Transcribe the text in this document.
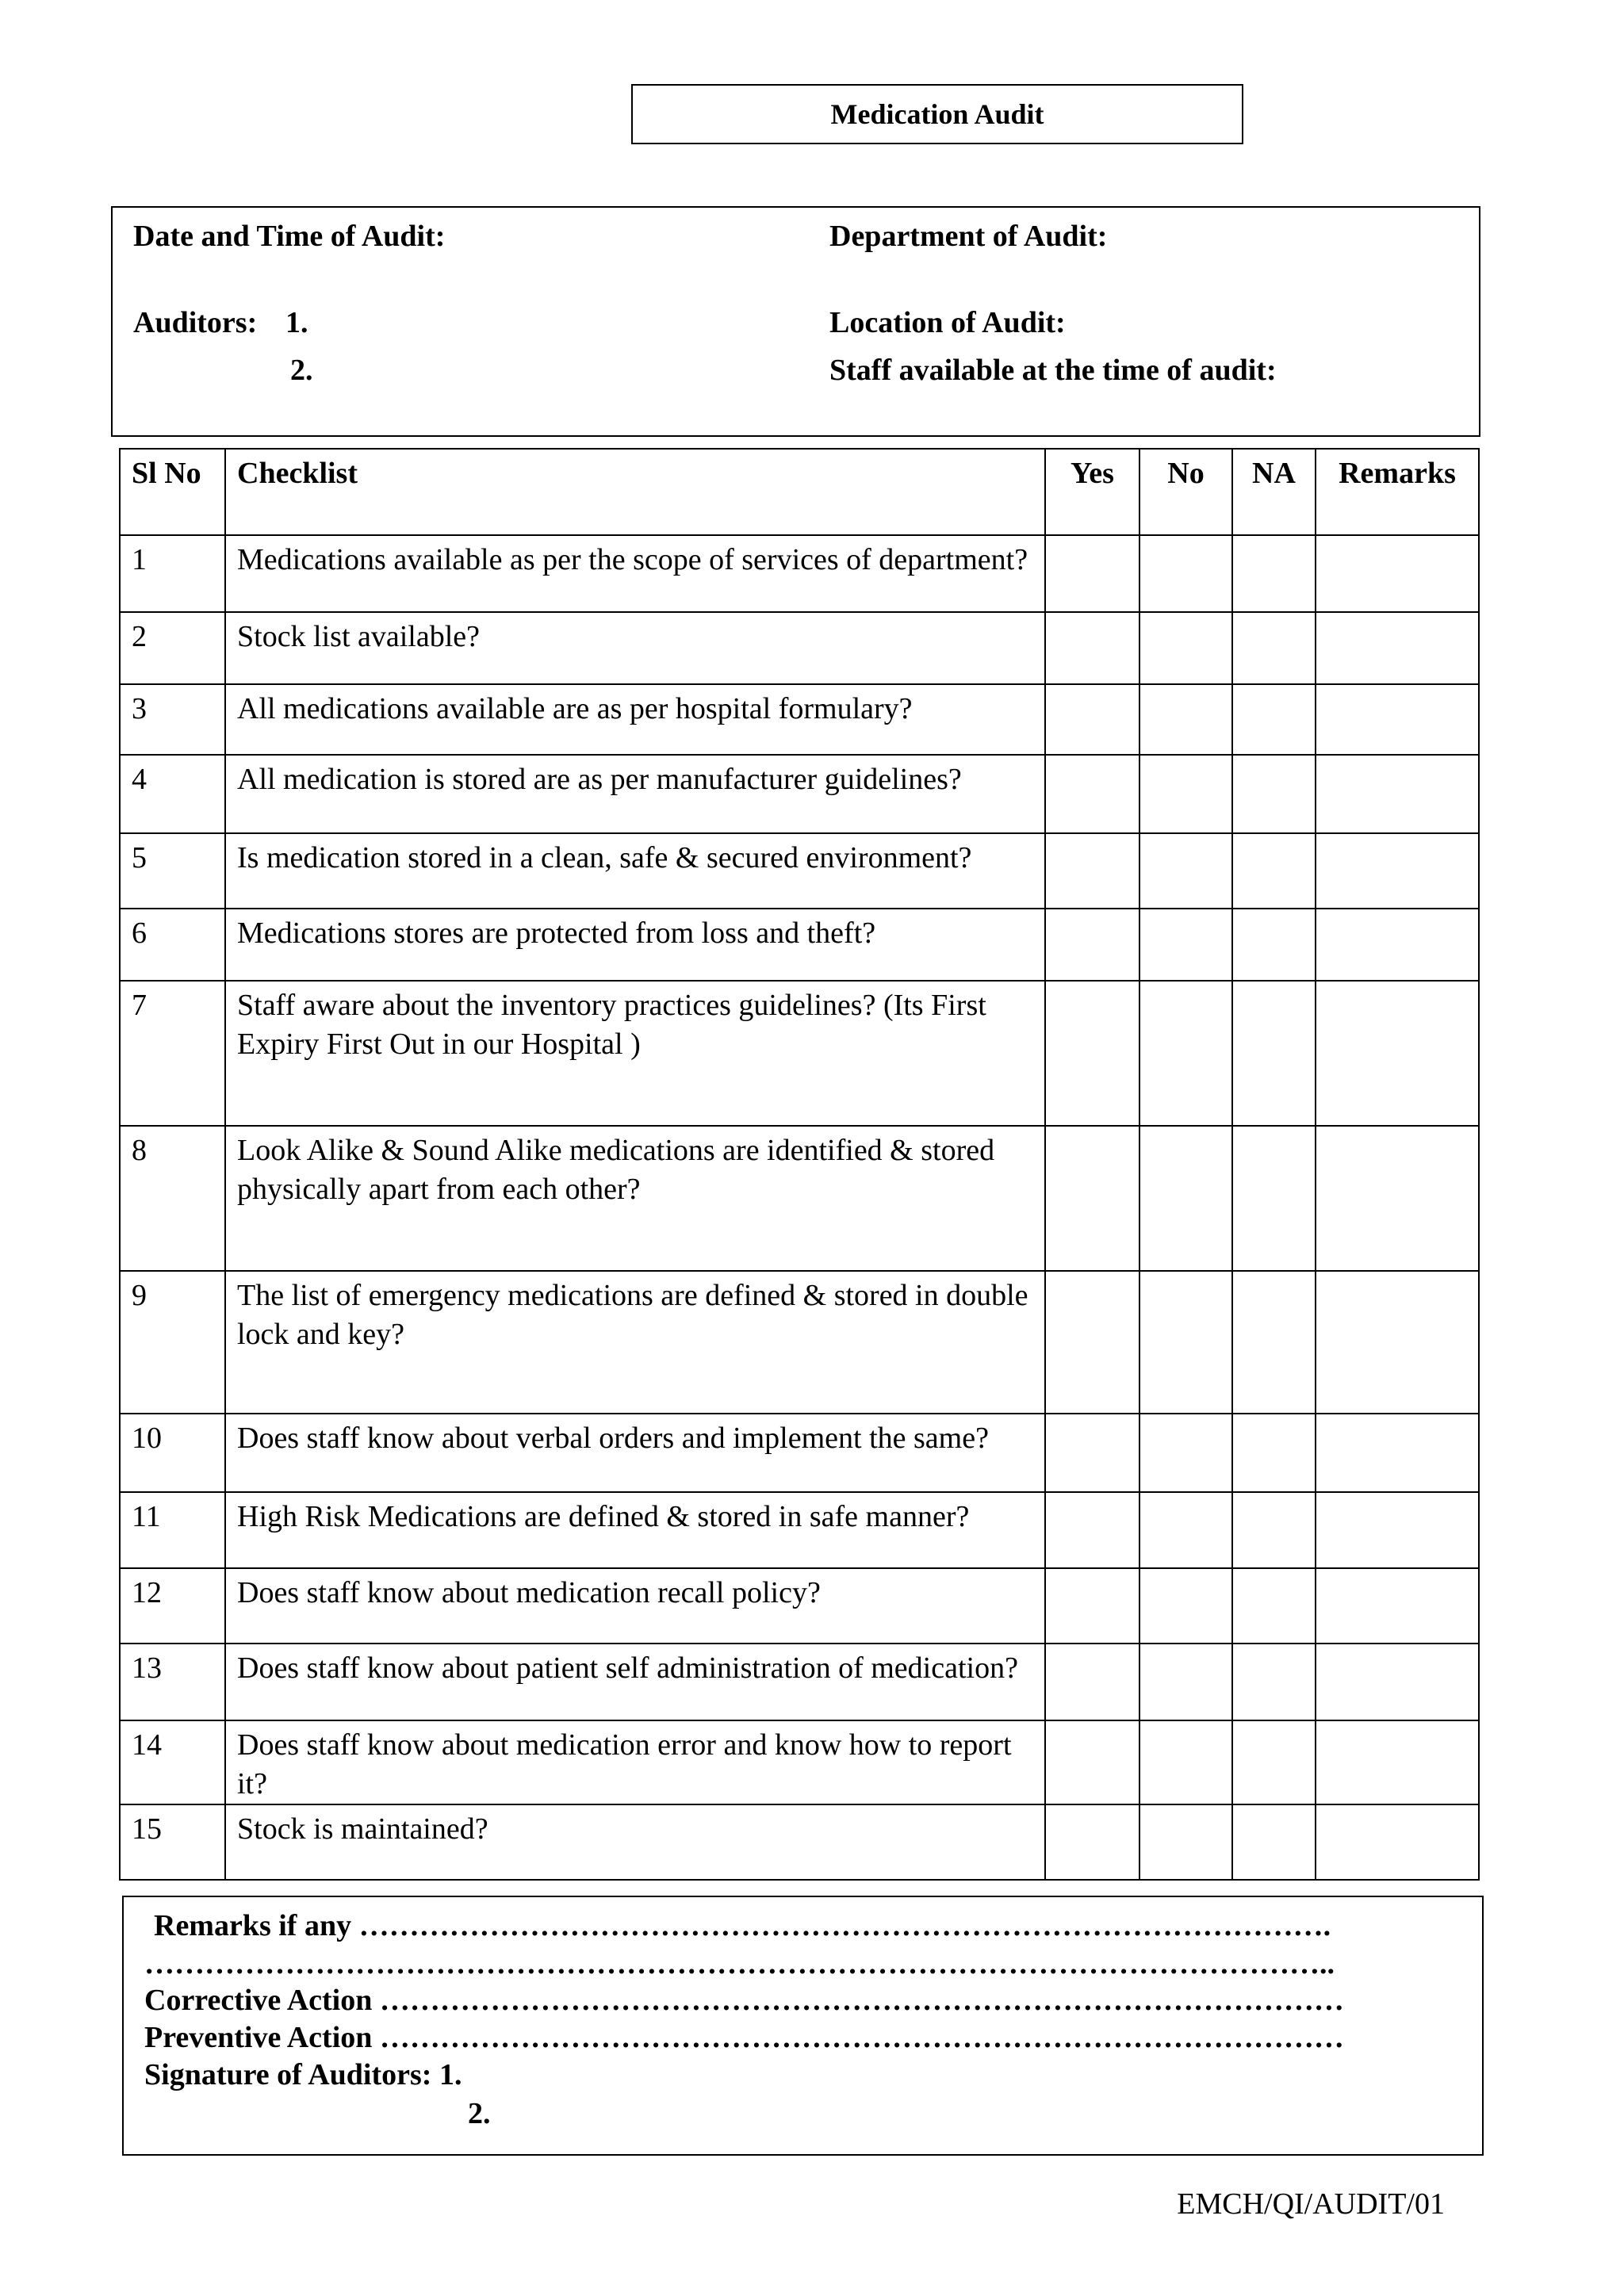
Medication Audit
Date and Time of Audit:	Department of Audit:
Auditors: 1.
2.
Location of Audit:
Staff available at the time of audit:
Sl No	Checklist	Yes	No	NA	Remarks
1	Medications available as per the scope of services of department?				
2	Stock list available?				
3	All medications available are as per hospital formulary?				
4	All medication is stored are as per manufacturer guidelines?				
5	Is medication stored in a clean, safe & secured environment?				
6	Medications stores are protected from loss and theft?				
7	Staff aware about the inventory practices guidelines? (Its First Expiry First Out in our Hospital )				
8	Look Alike & Sound Alike medications are identified & stored physically apart from each other?				
9	The list of emergency medications are defined & stored in double lock and key?				
10	Does staff know about verbal orders and implement the same?				
11	High Risk Medications are defined & stored in safe manner?				
12	Does staff know about medication recall policy?				
13	Does staff know about patient self administration of medication?				
14	Does staff know about medication error and know how to report it?				
15	Stock is maintained?				
Remarks if any …………………………………………………………………………………….
………………………………………………………………………………………………………..
Corrective Action ……………………………………………………………………………………
Preventive Action ……………………………………………………………………………………
Signature of Auditors: 1.
2.
EMCH/QI/AUDIT/01
